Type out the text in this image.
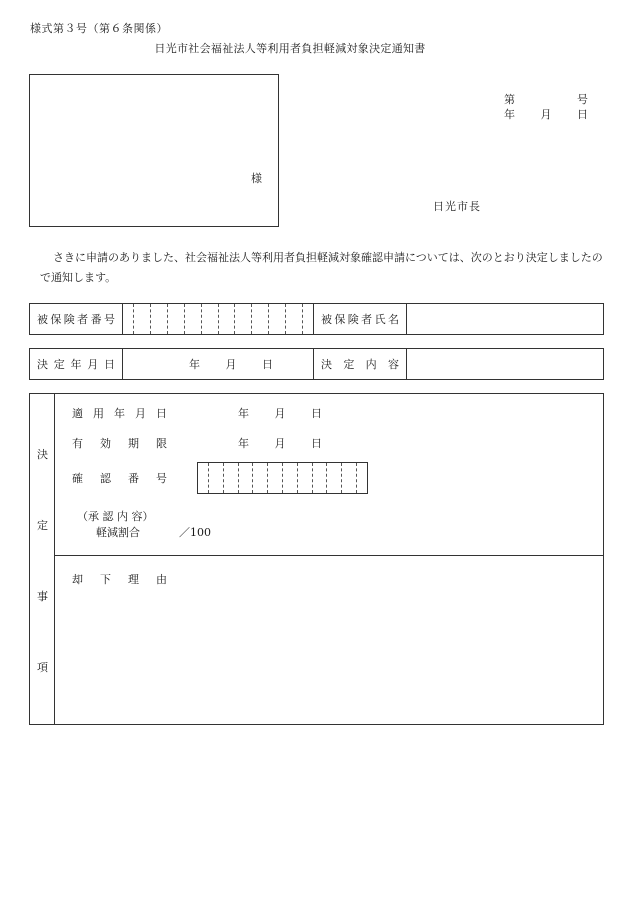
様式第３号（第６条関係）
日光市社会福祉法人等利用者負担軽減対象決定通知書
様
第	号
年 月 日
日光市長
さきに申請のありました、社会福祉法人等利用者負担軽減対象確認申請については、次のとおり決定しましたので通知します。
被 保 険 者 番 号		被 保 険 者 氏 名

決 定 年 月 日	年 月 日	決 定 内 容

決
定
事
項
適 用 年 月 日	年 月 日
有 効 期 限	年 月 日
確 認 番 号
（承 認 内 容）
軽減割合	／100
却 下 理 由
